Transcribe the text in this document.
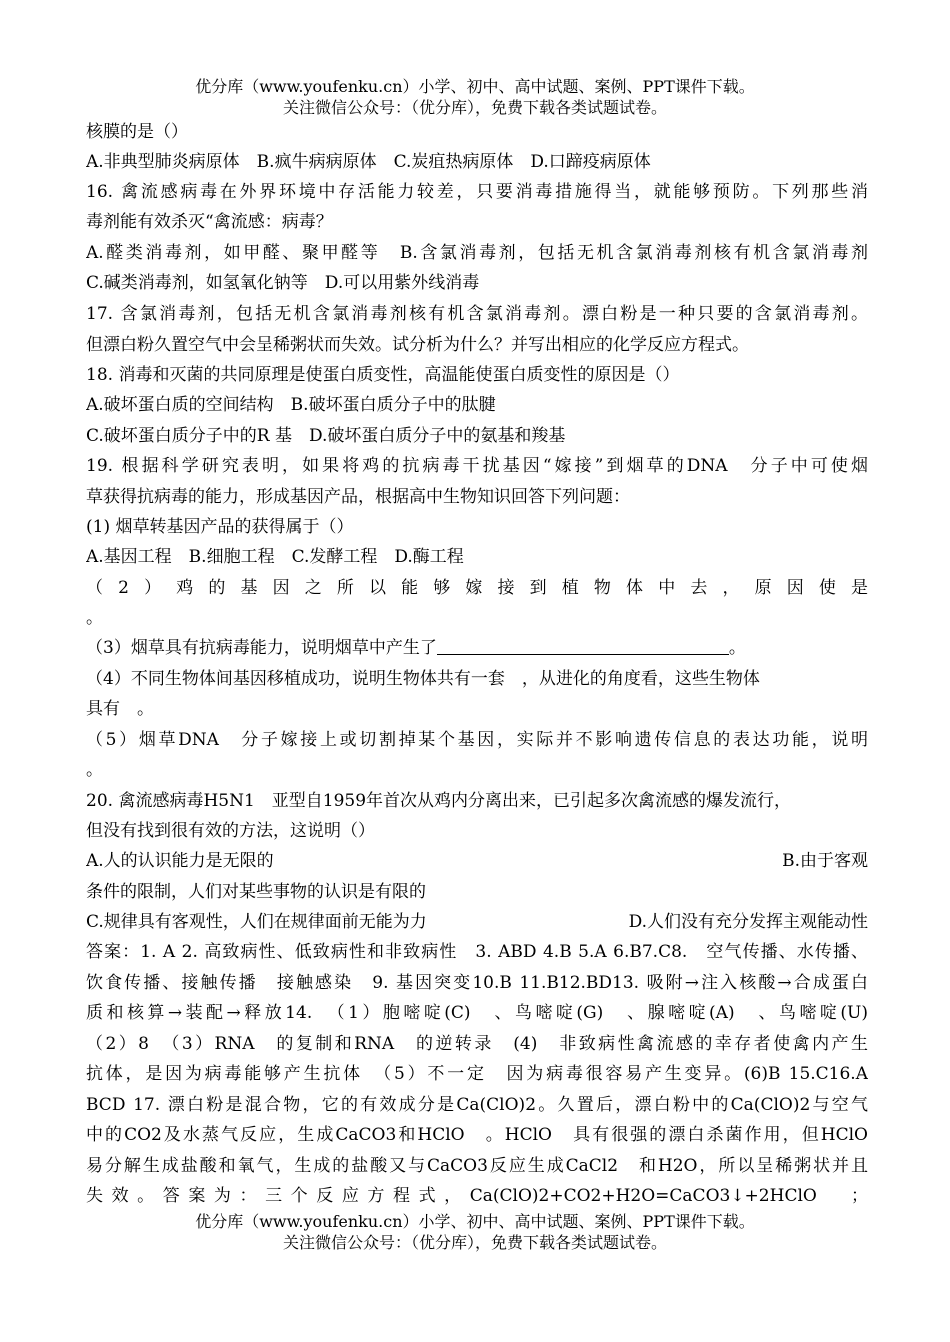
优分库（www.youfenku.cn）小学、初中、高中试题、案例、PPT课件下载。
关注微信公众号：（优分库），免费下载各类试题试卷。
核膜的是（）
A.非典型肺炎病原体　B.疯牛病病原体　C.炭疽热病原体　D.口蹄疫病原体
16. 禽流感病毒在外界环境中存活能力较差，只要消毒措施得当，就能够预防。下列那些消
毒剂能有效杀灭“禽流感：病毒？
A.醛类消毒剂，如甲醛、聚甲醛等　B.含氯消毒剂，包括无机含氯消毒剂核有机含氯消毒剂
C.碱类消毒剂，如氢氧化钠等　D.可以用紫外线消毒
17. 含氯消毒剂，包括无机含氯消毒剂核有机含氯消毒剂。漂白粉是一种只要的含氯消毒剂。
但漂白粉久置空气中会呈稀粥状而失效。试分析为什么？并写出相应的化学反应方程式。
18. 消毒和灭菌的共同原理是使蛋白质变性，高温能使蛋白质变性的原因是（）
A.破坏蛋白质的空间结构　B.破坏蛋白质分子中的肽腱
C.破坏蛋白质分子中的R 基　D.破坏蛋白质分子中的氨基和羧基
19. 根据科学研究表明，如果将鸡的抗病毒干扰基因“嫁接”到烟草的DNA　分子中可使烟
草获得抗病毒的能力，形成基因产品，根据高中生物知识回答下列问题：
(1) 烟草转基因产品的获得属于（）
A.基因工程　B.细胞工程　C.发酵工程　D.酶工程
（2）鸡的基因之所以能够嫁接到植物体中去，原因使是
。
（3）烟草具有抗病毒能力，说明烟草中产生了	。
（4）不同生物体间基因移植成功，说明生物体共有一套　，从进化的角度看，这些生物体
具有　。
（5）烟草DNA　分子嫁接上或切割掉某个基因，实际并不影响遗传信息的表达功能，说明
。
20. 禽流感病毒H5N1　亚型自1959年首次从鸡内分离出来，已引起多次禽流感的爆发流行，
但没有找到很有效的方法，这说明（）
A.人的认识能力是无限的	B.由于客观
条件的限制，人们对某些事物的认识是有限的
C.规律具有客观性，人们在规律面前无能为力	D.人们没有充分发挥主观能动性
答案：1. A 2. 高致病性、低致病性和非致病性　3. ABD 4.B 5.A 6.B7.C8.　空气传播、水传播、
饮食传播、接触传播　接触感染　9. 基因突变10.B 11.B12.BD13. 吸附→注入核酸→合成蛋白
质和核算→装配→释放14.　（1）胞嘧啶(C)　、鸟嘧啶(G)　、腺嘧啶(A)　、鸟嘧啶(U)
（2）8　（3）RNA　的复制和RNA　的逆转录　(4)　非致病性禽流感的幸存者使禽内产生
抗体，是因为病毒能够产生抗体　（5）不一定　因为病毒很容易产生变异。(6)B 15.C16.A
BCD 17. 漂白粉是混合物，它的有效成分是Ca(ClO)2。久置后，漂白粉中的Ca(ClO)2与空气
中的CO2及水蒸气反应，生成CaCO3和HClO　。HClO　具有很强的漂白杀菌作用，但HClO
易分解生成盐酸和氧气，生成的盐酸又与CaCO3反应生成CaCl2　和H2O，所以呈稀粥状并且
失效。答案为：三个反应方程式，Ca(ClO)2+CO2+H2O=CaCO3↓+2HClO　；
优分库（www.youfenku.cn）小学、初中、高中试题、案例、PPT课件下载。
关注微信公众号：（优分库），免费下载各类试题试卷。
